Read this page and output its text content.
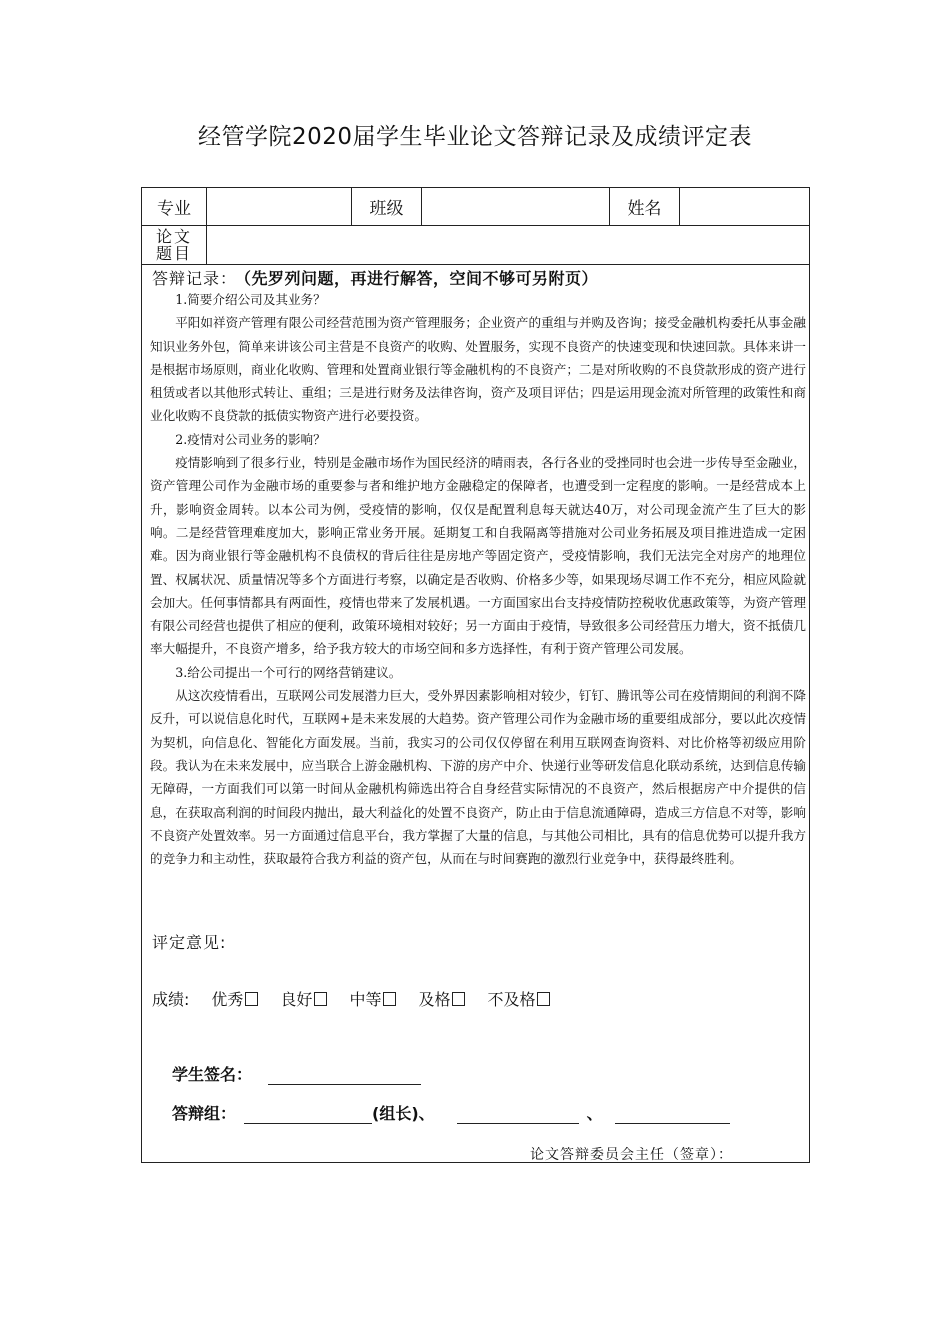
经管学院2020届学生毕业论文答辩记录及成绩评定表
专业	班级	姓名
论文
题目
答辩记录： （先罗列问题，再进行解答，空间不够可另附页）

1.简要介绍公司及其业务？

平阳如祥资产管理有限公司经营范围为资产管理服务；企业资产的重组与并购及咨询；接受金融机构委托从事金融知识业务外包，简单来讲该公司主营是不良资产的收购、处置服务，实现不良资产的快速变现和快速回款。具体来讲一是根据市场原则，商业化收购、管理和处置商业银行等金融机构的不良资产；二是对所收购的不良贷款形成的资产进行租赁或者以其他形式转让、重组；三是进行财务及法律咨询，资产及项目评估；四是运用现金流对所管理的政策性和商业化收购不良贷款的抵债实物资产进行必要投资。

2.疫情对公司业务的影响？

疫情影响到了很多行业，特别是金融市场作为国民经济的晴雨表，各行各业的受挫同时也会进一步传导至金融业，资产管理公司作为金融市场的重要参与者和维护地方金融稳定的保障者，也遭受到一定程度的影响。一是经营成本上升，影响资金周转。以本公司为例，受疫情的影响，仅仅是配置利息每天就达40万，对公司现金流产生了巨大的影响。二是经营管理难度加大，影响正常业务开展。延期复工和自我隔离等措施对公司业务拓展及项目推进造成一定困难。因为商业银行等金融机构不良债权的背后往往是房地产等固定资产，受疫情影响，我们无法完全对房产的地理位置、权属状况、质量情况等多个方面进行考察，以确定是否收购、价格多少等，如果现场尽调工作不充分，相应风险就会加大。任何事情都具有两面性，疫情也带来了发展机遇。一方面国家出台支持疫情防控税收优惠政策等，为资产管理有限公司经营也提供了相应的便利，政策环境相对较好；另一方面由于疫情，导致很多公司经营压力增大，资不抵债几率大幅提升，不良资产增多，给予我方较大的市场空间和多方选择性，有利于资产管理公司发展。

3.给公司提出一个可行的网络营销建议。

从这次疫情看出，互联网公司发展潜力巨大，受外界因素影响相对较少，钉钉、腾讯等公司在疫情期间的利润不降反升，可以说信息化时代，互联网+是未来发展的大趋势。资产管理公司作为金融市场的重要组成部分，要以此次疫情为契机，向信息化、智能化方面发展。当前，我实习的公司仅仅停留在利用互联网查询资料、对比价格等初级应用阶段。我认为在未来发展中，应当联合上游金融机构、下游的房产中介、快递行业等研发信息化联动系统，达到信息传输无障碍，一方面我们可以第一时间从金融机构筛选出符合自身经营实际情况的不良资产，然后根据房产中介提供的信息，在获取高利润的时间段内抛出，最大利益化的处置不良资产，防止由于信息流通障碍，造成三方信息不对等，影响不良资产处置效率。另一方面通过信息平台，我方掌握了大量的信息，与其他公司相比，具有的信息优势可以提升我方的竞争力和主动性，获取最符合我方利益的资产包，从而在与时间赛跑的激烈行业竞争中，获得最终胜利。

评定意见:
成绩: 优秀	良好	中等	及格	不及格
学生签名：
答辩组：	(组长)、	、
论文答辩委员会主任（签章）：
